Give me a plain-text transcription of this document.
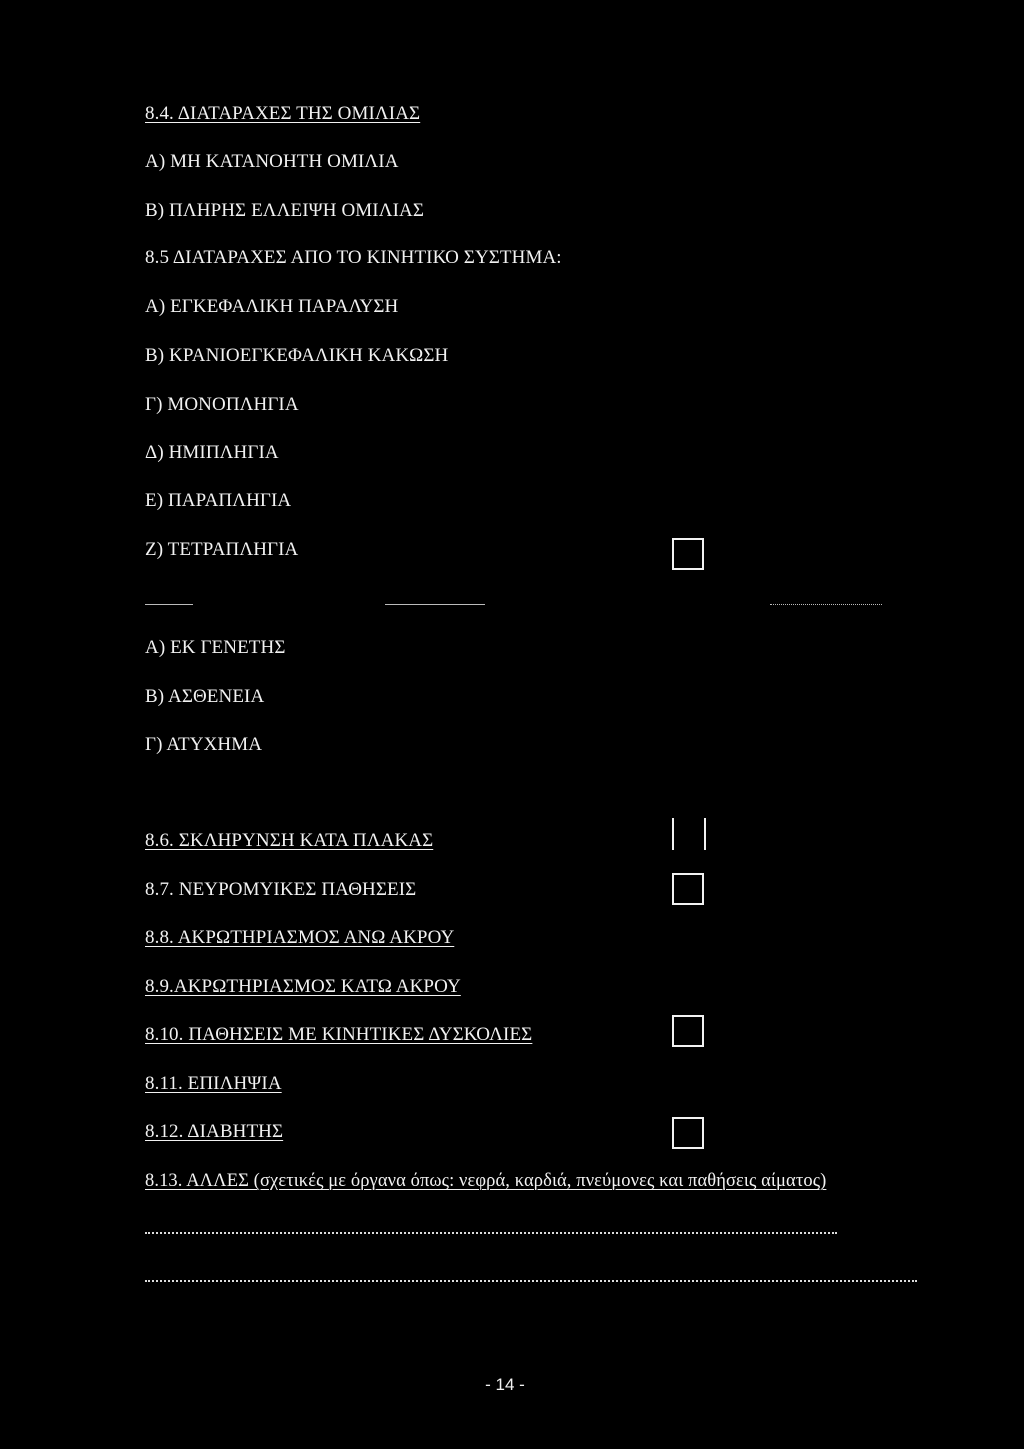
8.4. ΔΙΑΤΑΡΑΧΕΣ ΤΗΣ ΟΜΙΛΙΑΣ
Α) ΜΗ ΚΑΤΑΝΟΗΤΗ ΟΜΙΛΙΑ
Β) ΠΛΗΡΗΣ ΕΛΛΕΙΨΗ ΟΜΙΛΙΑΣ
8.5 ΔΙΑΤΑΡΑΧΕΣ ΑΠΟ ΤΟ ΚΙΝΗΤΙΚΟ ΣΥΣΤΗΜΑ:
Α) ΕΓΚΕΦΑΛΙΚΗ ΠΑΡΑΛΥΣΗ
Β) ΚΡΑΝΙΟΕΓΚΕΦΑΛΙΚΗ ΚΑΚΩΣΗ
Γ) ΜΟΝΟΠΛΗΓΙΑ
Δ) ΗΜΙΠΛΗΓΙΑ
Ε) ΠΑΡΑΠΛΗΓΙΑ
Ζ) ΤΕΤΡΑΠΛΗΓΙΑ
Α) ΕΚ ΓΕΝΕΤΗΣ
Β) ΑΣΘΕΝΕΙΑ
Γ) ΑΤΥΧΗΜΑ
8.6. ΣΚΛΗΡΥΝΣΗ ΚΑΤΑ ΠΛΑΚΑΣ
8.7. ΝΕΥΡΟΜΥΙΚΕΣ ΠΑΘΗΣΕΙΣ
8.8. ΑΚΡΩΤΗΡΙΑΣΜΟΣ ΑΝΩ ΑΚΡΟΥ
8.9.ΑΚΡΩΤΗΡΙΑΣΜΟΣ ΚΑΤΩ ΑΚΡΟΥ
8.10. ΠΑΘΗΣΕΙΣ ΜΕ ΚΙΝΗΤΙΚΕΣ ΔΥΣΚΟΛΙΕΣ
8.11. ΕΠΙΛΗΨΙΑ
8.12. ΔΙΑΒΗΤΗΣ
8.13. ΑΛΛΕΣ (σχετικές με όργανα όπως: νεφρά, καρδιά, πνεύμονες και παθήσεις αίματος)
- 14 -
